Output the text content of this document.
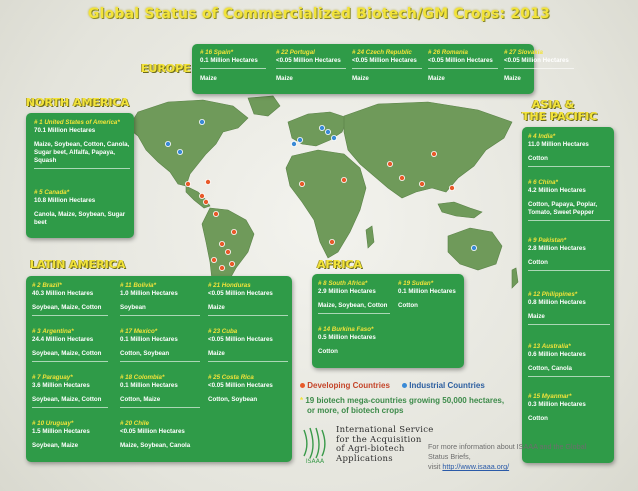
Global Status of Commercialized Biotech/GM Crops: 2013
EUROPE
# 16 Spain*
0.1 Million Hectares
Maize
# 22 Portugal
<0.05 Million Hectares
Maize
# 24 Czech Republic
<0.05 Million Hectares
Maize
# 26 Romania
<0.05 Million Hectares
Maize
# 27 Slovakia
<0.05 Million Hectares
Maize
NORTH AMERICA
# 1 United States of America*
70.1 Million Hectares
Maize, Soybean, Cotton, Canola, Sugar beet, Alfalfa, Papaya, Squash
# 5 Canada*
10.8 Million Hectares
Canola, Maize, Soybean, Sugar beet
LATIN AMERICA
# 2 Brazil*
40.3 Million Hectares
Soybean, Maize, Cotton
# 3 Argentina*
24.4 Million Hectares
Soybean, Maize, Cotton
# 7 Paraguay*
3.6 Million Hectares
Soybean, Maize, Cotton
# 10 Uruguay*
1.5 Million Hectares
Soybean, Maize
# 11 Bolivia*
1.0 Million Hectares
Soybean
# 17 Mexico*
0.1 Million Hectares
Cotton, Soybean
# 18 Colombia*
0.1 Million Hectares
Cotton, Maize
# 20 Chile
<0.05 Million Hectares
Maize, Soybean, Canola
# 21 Honduras
<0.05 Million Hectares
Maize
# 23 Cuba
<0.05 Million Hectares
Maize
# 25 Costa Rica
<0.05 Million Hectares
Cotton, Soybean
AFRICA
# 8 South Africa*
2.9 Million Hectares
Maize, Soybean, Cotton
# 14 Burkina Faso*
0.5 Million Hectares
Cotton
# 19 Sudan*
0.1 Million Hectares
Cotton
ASIA &
THE PACIFIC
# 4 India*
11.0 Million Hectares
Cotton
# 6 China*
4.2 Million Hectares
Cotton, Papaya, Poplar, Tomato, Sweet Pepper
# 9 Pakistan*
2.8 Million Hectares
Cotton
# 12 Philippines*
0.8 Million Hectares
Maize
# 13 Australia*
0.6 Million Hectares
Cotton, Canola
# 15 Myanmar*
0.3 Million Hectares
Cotton
Developing Countries	Industrial Countries
* 19 biotech mega-countries growing 50,000 hectares,
or more, of biotech crops
ISAAA
International Service
for the Acquisition
of Agri-biotech
Applications
For more information about ISAAA and the Global Status Briefs,
visit http://www.isaaa.org/
